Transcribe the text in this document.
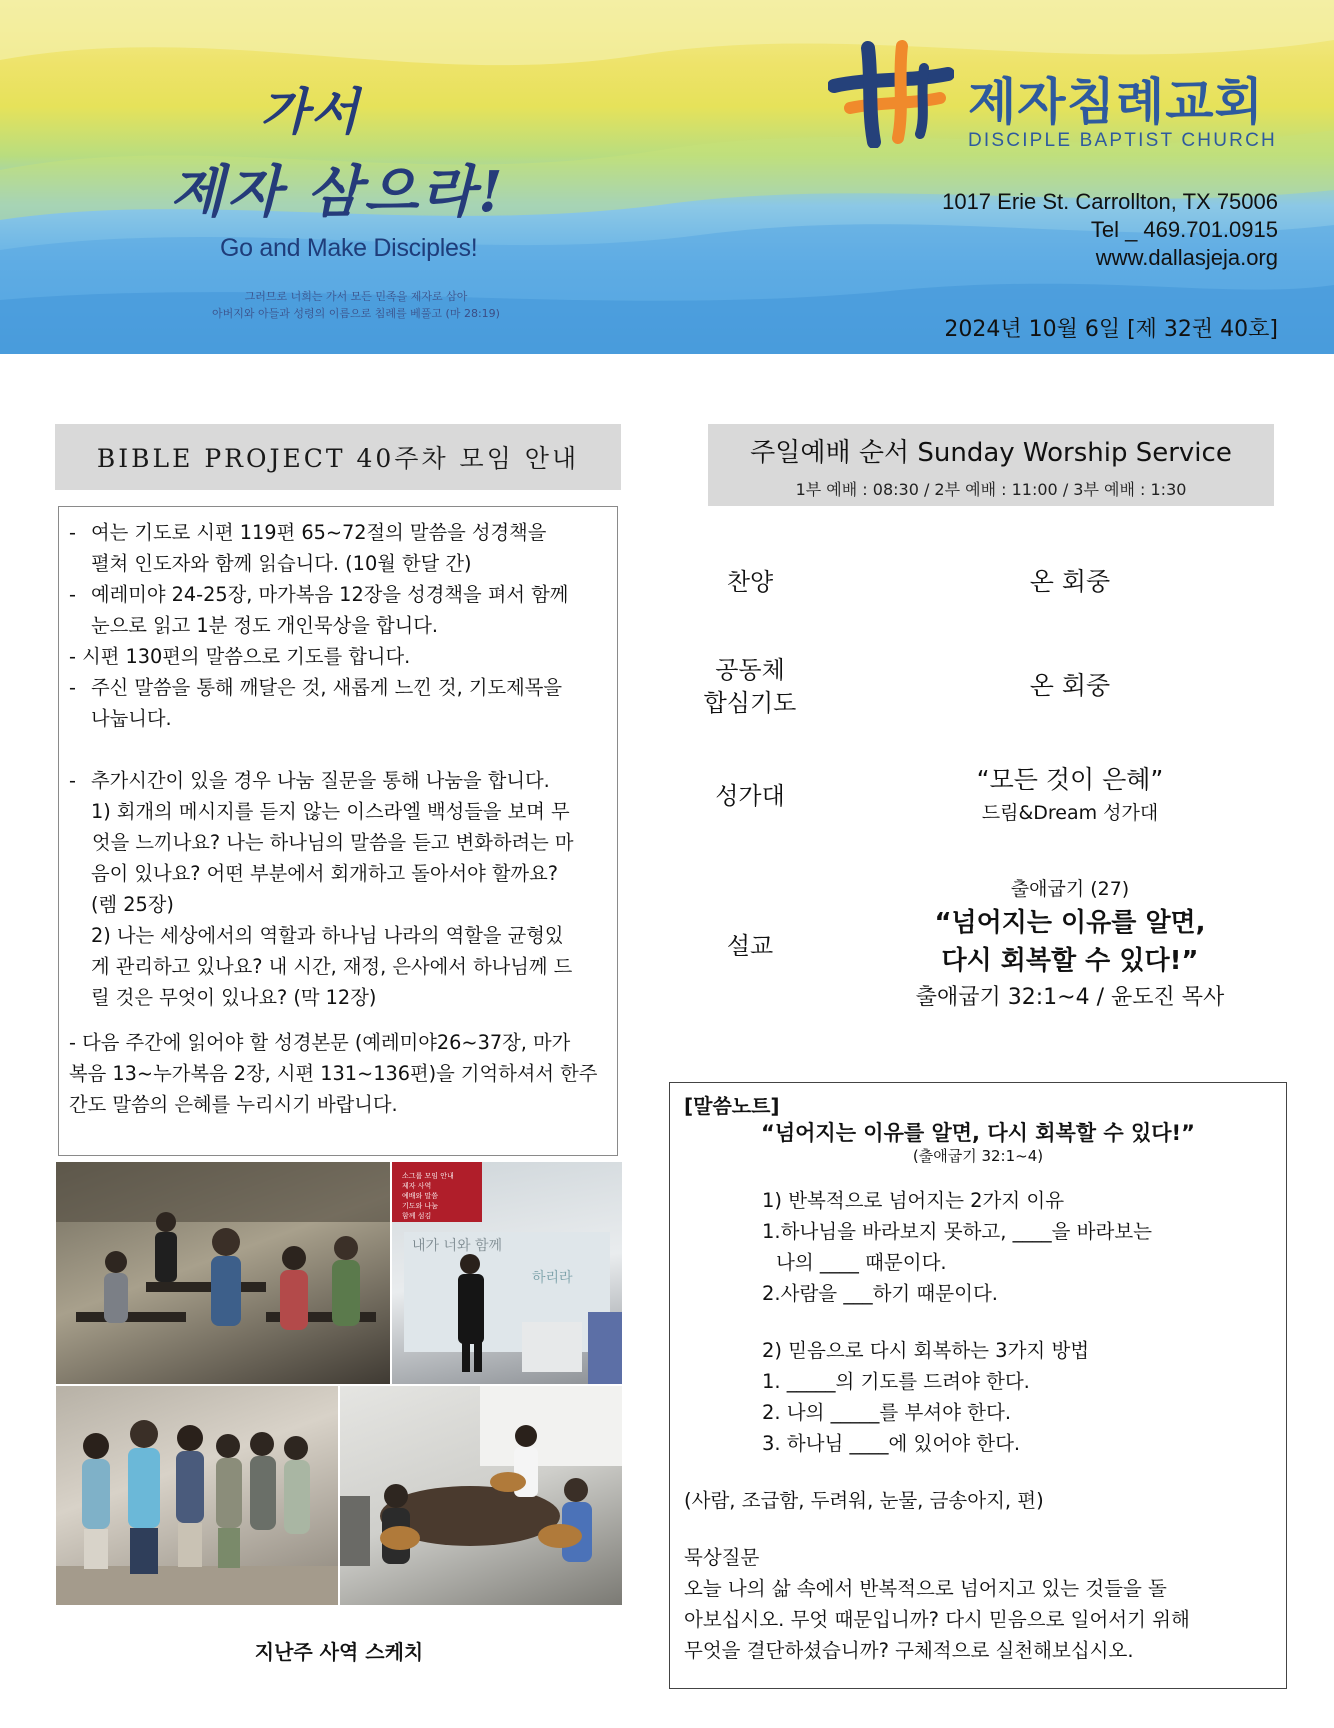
가서
제자 삼으라!
Go and Make Disciples!
그러므로 너희는 가서 모든 민족을 제자로 삼아
아버지와 아들과 성령의 이름으로 침례를 베풀고 (마 28:19)
제자침례교회
DISCIPLE BAPTIST CHURCH
1017 Erie St. Carrollton, TX 75006
Tel _ 469.701.0915
www.dallasjeja.org
2024년 10월 6일 [제 32권 40호]
BIBLE PROJECT 40주차 모임 안내
- 여는 기도로 시편 119편 65~72절의 말씀을 성경책을
펼쳐 인도자와 함께 읽습니다. (10월 한달 간)
- 예레미야 24-25장, 마가복음 12장을 성경책을 펴서 함께
눈으로 읽고 1분 정도 개인묵상을 합니다.
- 시편 130편의 말씀으로 기도를 합니다.
- 주신 말씀을 통해 깨달은 것, 새롭게 느낀 것, 기도제목을
나눕니다.
- 추가시간이 있을 경우 나눔 질문을 통해 나눔을 합니다.
1) 회개의 메시지를 듣지 않는 이스라엘 백성들을 보며 무
엇을 느끼나요? 나는 하나님의 말씀을 듣고 변화하려는 마
음이 있나요? 어떤 부분에서 회개하고 돌아서야 할까요?
(렘 25장)
2) 나는 세상에서의 역할과 하나님 나라의 역할을 균형있
게 관리하고 있나요? 내 시간, 재정, 은사에서 하나님께 드
릴 것은 무엇이 있나요? (막 12장)
- 다음 주간에 읽어야 할 성경본문 (예레미야26~37장, 마가
복음 13~누가복음 2장, 시편 131~136편)을 기억하셔서 한주
간도 말씀의 은혜를 누리시기 바랍니다.
소그룹 모임 안내
제자 사역
예배와 말씀
기도와 나눔
함께 섬김
내가 너와 함께
하리라
지난주 사역 스케치
주일예배 순서 Sunday Worship Service
1부 예배 : 08:30 / 2부 예배 : 11:00 / 3부 예배 : 1:30
찬양	온 회중
공동체
합심기도
온 회중
성가대
“모든 것이 은혜”
드림&Dream 성가대
설교
출애굽기 (27)
“넘어지는 이유를 알면,
다시 회복할 수 있다!”
출애굽기 32:1~4 / 윤도진 목사
[말씀노트]
“넘어지는 이유를 알면, 다시 회복할 수 있다!”
(출애굽기 32:1~4)
1) 반복적으로 넘어지는 2가지 이유
1.하나님을 바라보지 못하고, ____을 바라보는
나의 ____ 때문이다.
2.사람을 ___하기 때문이다.
2) 믿음으로 다시 회복하는 3가지 방법
1. _____의 기도를 드려야 한다.
2. 나의 _____를 부셔야 한다.
3. 하나님 ____에 있어야 한다.
(사람, 조급함, 두려워, 눈물, 금송아지, 편)
묵상질문
오늘 나의 삶 속에서 반복적으로 넘어지고 있는 것들을 돌
아보십시오. 무엇 때문입니까? 다시 믿음으로 일어서기 위해
무엇을 결단하셨습니까? 구체적으로 실천해보십시오.
